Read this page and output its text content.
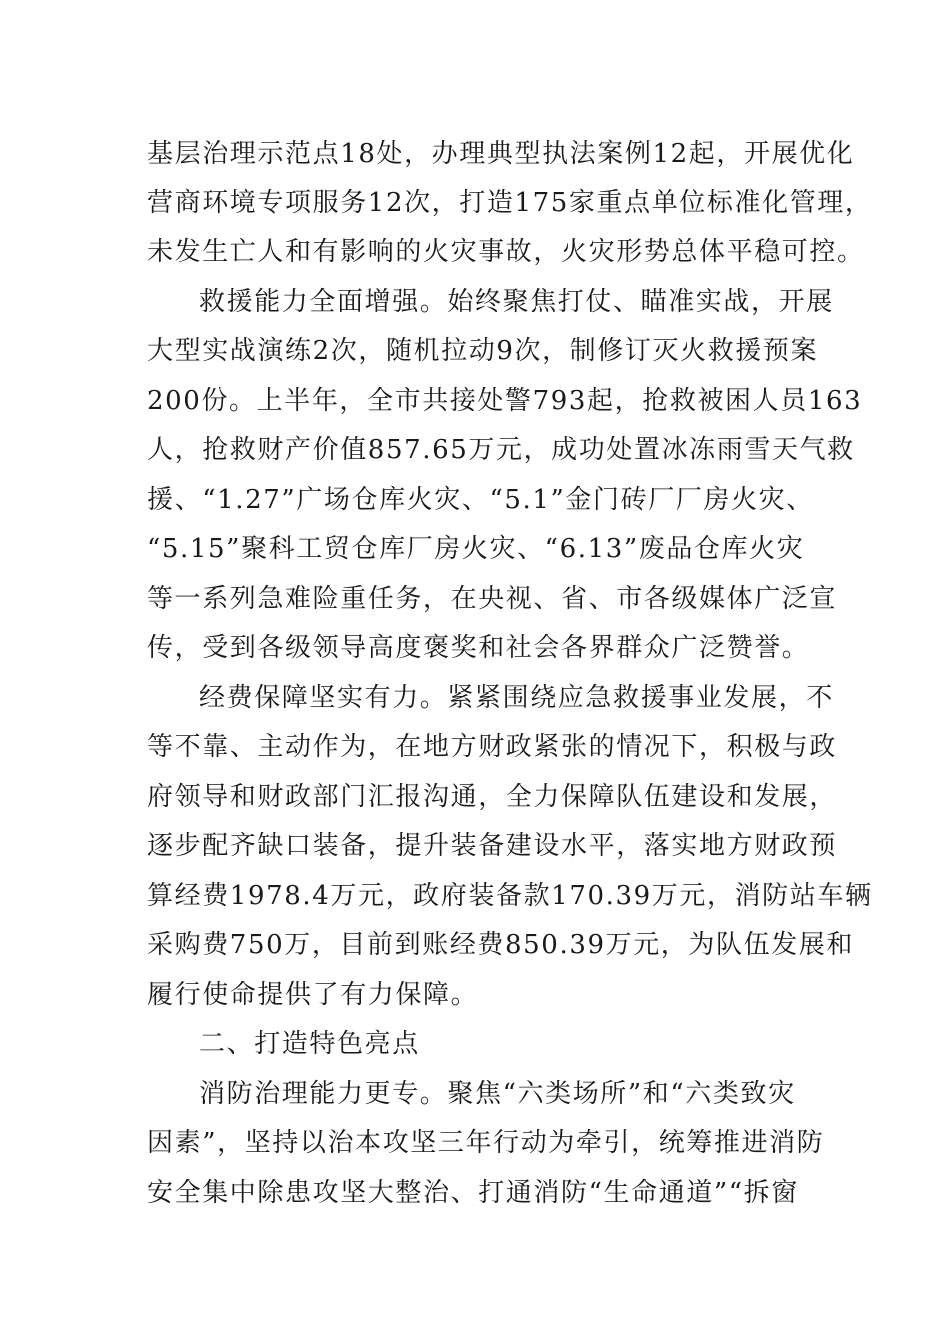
基层治理示范点18处，办理典型执法案例12起，开展优化
营商环境专项服务12次，打造175家重点单位标准化管理，
未发生亡人和有影响的火灾事故，火灾形势总体平稳可控。
救援能力全面增强。始终聚焦打仗、瞄准实战，开展
大型实战演练2次，随机拉动9次，制修订灭火救援预案
200份。上半年，全市共接处警793起，抢救被困人员163
人，抢救财产价值857.65万元，成功处置冰冻雨雪天气救
援、“1.27”广场仓库火灾、“5.1”金门砖厂厂房火灾、
“5.15”聚科工贸仓库厂房火灾、“6.13”废品仓库火灾
等一系列急难险重任务，在央视、省、市各级媒体广泛宣
传，受到各级领导高度褒奖和社会各界群众广泛赞誉。
经费保障坚实有力。紧紧围绕应急救援事业发展，不
等不靠、主动作为，在地方财政紧张的情况下，积极与政
府领导和财政部门汇报沟通，全力保障队伍建设和发展，
逐步配齐缺口装备，提升装备建设水平，落实地方财政预
算经费1978.4万元，政府装备款170.39万元，消防站车辆
采购费750万，目前到账经费850.39万元，为队伍发展和
履行使命提供了有力保障。
二、打造特色亮点
消防治理能力更专。聚焦“六类场所”和“六类致灾
因素”，坚持以治本攻坚三年行动为牵引，统筹推进消防
安全集中除患攻坚大整治、打通消防“生命通道”“拆窗
